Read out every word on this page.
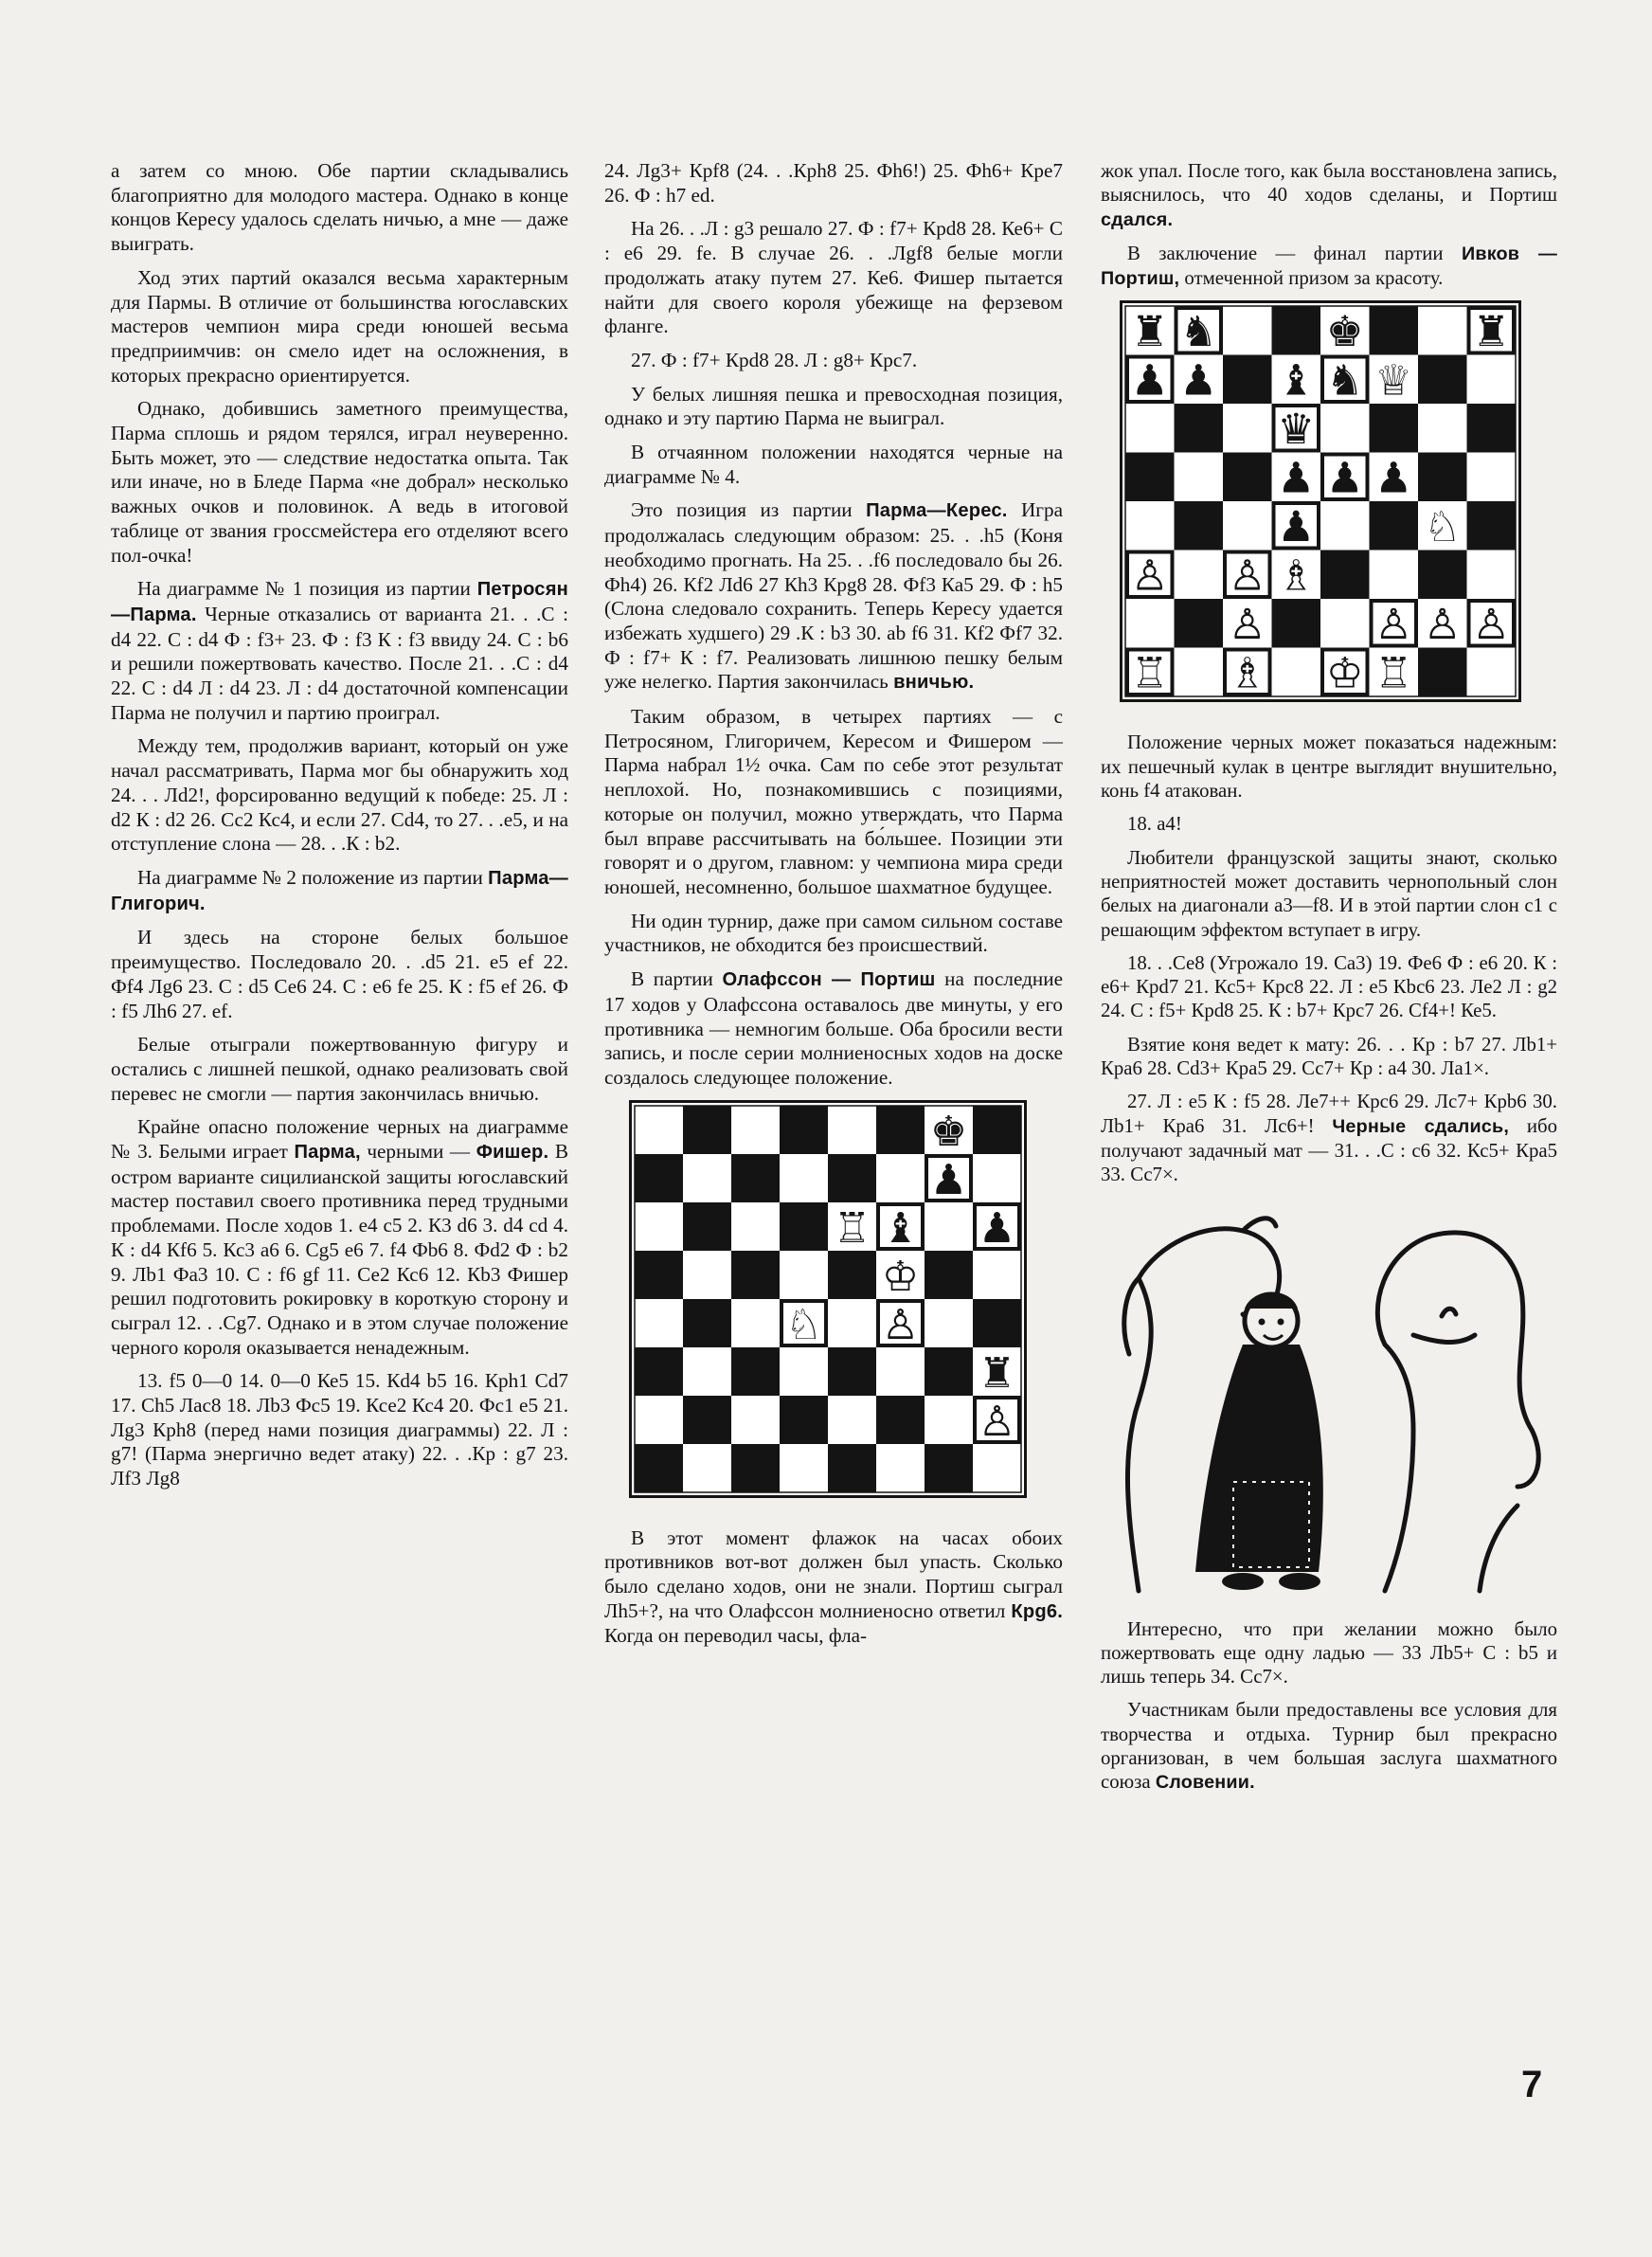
а затем со мною. Обе партии складывались благоприятно для молодого мастера. Однако в конце концов Кересу удалось сделать ничью, а мне — даже выиграть.

Ход этих партий оказался весьма характерным для Пармы. В отличие от большинства югославских мастеров чемпион мира среди юношей весьма предприимчив: он смело идет на осложнения, в которых прекрасно ориентируется.

Однако, добившись заметного преимущества, Парма сплошь и рядом терялся, играл неуверенно. Быть может, это — следствие недостатка опыта. Так или иначе, но в Бледе Парма «не добрал» несколько важных очков и половинок. А ведь в итоговой таблице от звания гроссмейстера его отделяют всего пол-очка!

На диаграмме № 1 позиция из партии Петросян—Парма. Черные отказались от варианта 21. . .С : d4 22. С : d4 Ф : f3+ 23. Ф : f3 К : f3 ввиду 24. С : b6 и решили пожертвовать качество. После 21. . .С : d4 22. С : d4 Л : d4 23. Л : d4 достаточной компенсации Парма не получил и партию проиграл.

Между тем, продолжив вариант, который он уже начал рассматривать, Парма мог бы обнаружить ход 24. . . Лd2!, форсированно ведущий к победе: 25. Л : d2 К : d2 26. Сс2 Кс4, и если 27. Сd4, то 27. . .е5, и на отступление слона — 28. . .К : b2.

На диаграмме № 2 положение из партии Парма—Глигорич.

И здесь на стороне белых большое преимущество. Последовало 20. . .d5 21. е5 ef 22. Фf4 Лg6 23. С : d5 Се6 24. С : е6 fe 25. К : f5 ef 26. Ф : f5 Лh6 27. ef.

Белые отыграли пожертвованную фигуру и остались с лишней пешкой, однако реализовать свой перевес не смогли — партия закончилась вничью.

Крайне опасно положение черных на диаграмме № 3. Белыми играет Парма, черными — Фишер. В остром варианте сицилианской защиты югославский мастер поставил своего противника перед трудными проблемами. После ходов 1. е4 с5 2. К3 d6 3. d4 cd 4. К : d4 Кf6 5. Кс3 а6 6. Сg5 е6 7. f4 Фb6 8. Фd2 Ф : b2 9. Лb1 Фа3 10. С : f6 gf 11. Се2 Кс6 12. Кb3 Фишер решил подготовить рокировку в короткую сторону и сыграл 12. . .Сg7. Однако и в этом случае положение черного короля оказывается ненадежным.

13. f5 0—0 14. 0—0 Ке5 15. Кd4 b5 16. Кph1 Сd7 17. Сh5 Лас8 18. Лb3 Фс5 19. Ксе2 Кс4 20. Фс1 е5 21. Лg3 Кph8 (перед нами позиция диаграммы) 22. Л : g7! (Парма энергично ведет атаку) 22. . .Кр : g7 23. Лf3 Лg8

24. Лg3+ Кpf8 (24. . .Кph8 25. Фh6!) 25. Фh6+ Кре7 26. Ф : h7 ed.

На 26. . .Л : g3 решало 27. Ф : f7+ Кpd8 28. Ке6+ С : е6 29. fe. В случае 26. . .Лgf8 белые могли продолжать атаку путем 27. Ке6. Фишер пытается найти для своего короля убежище на ферзевом фланге.

27. Ф : f7+ Кpd8 28. Л : g8+ Крс7.

У белых лишняя пешка и превосходная позиция, однако и эту партию Парма не выиграл.

В отчаянном положении находятся черные на диаграмме № 4.

Это позиция из партии Парма—Керес. Игра продолжалась следующим образом: 25. . .h5 (Коня необходимо прогнать. На 25. . .f6 последовало бы 26. Фh4) 26. Кf2 Лd6 27 Кh3 Кpg8 28. Фf3 Ка5 29. Ф : h5 (Слона следовало сохранить. Теперь Кересу удается избежать худшего) 29 .К : b3 30. ab f6 31. Кf2 Фf7 32. Ф : f7+ К : f7. Реализовать лишнюю пешку белым уже нелегко. Партия закончилась вничью.

Таким образом, в четырех партиях — с Петросяном, Глигоричем, Кересом и Фишером — Парма набрал 1½ очка. Сам по себе этот результат неплохой. Но, познакомившись с позициями, которые он получил, можно утверждать, что Парма был вправе рассчитывать на бо́льшее. Позиции эти говорят и о другом, главном: у чемпиона мира среди юношей, несомненно, большое шахматное будущее.

Ни один турнир, даже при самом сильном составе участников, не обходится без происшествий.

В партии Олафссон — Портиш на последние 17 ходов у Олафссона оставалось две минуты, у его противника — немногим больше. Оба бросили вести запись, и после серии молниеносных ходов на доске создалось следующее положение.

♚
♟
♖ ♝ ♟
♔
♘ ♙
♜
♙

В этот момент флажок на часах обоих противников вот-вот должен был упасть. Сколько было сделано ходов, они не знали. Портиш сыграл Лh5+?, на что Олафссон молниеносно ответил Крg6. Когда он переводил часы, фла-

жок упал. После того, как была восстановлена запись, выяснилось, что 40 ходов сделаны, и Портиш сдался.

В заключение — финал партии Ивков — Портиш, отмеченной призом за красоту.

♜ ♞	♚	♜
♟ ♟ ♝ ♞ ♕
♛
♟ ♟ ♟
♟	♘
♙ ♙ ♗
♙	♙ ♙ ♙
♖ ♗ ♔ ♖

Положение черных может показаться надежным: их пешечный кулак в центре выглядит внушительно, конь f4 атакован.

18. а4!

Любители французской защиты знают, сколько неприятностей может доставить чернопольный слон белых на диагонали а3—f8. И в этой партии слон с1 с решающим эффектом вступает в игру.

18. . .Се8 (Угрожало 19. Са3) 19. Фе6 Ф : е6 20. К : е6+ Кpd7 21. Кс5+ Крс8 22. Л : е5 Кbс6 23. Ле2 Л : g2 24. С : f5+ Кpd8 25. К : b7+ Крс7 26. Сf4+! Ке5.

Взятие коня ведет к мату: 26. . . Кр : b7 27. Лb1+ Кра6 28. Сd3+ Кра5 29. Сс7+ Кр : а4 30. Ла1×.

27. Л : е5 К : f5 28. Ле7++ Крс6 29. Лс7+ Крb6 30. Лb1+ Кра6 31. Лс6+! Черные сдались, ибо получают задачный мат — 31. . .С : с6 32. Кс5+ Кра5 33. Сс7×.

Интересно, что при желании можно было пожертвовать еще одну ладью — 33 Лb5+ С : b5 и лишь теперь 34. Сс7×.

Участникам были предоставлены все условия для творчества и отдыха. Турнир был прекрасно организован, в чем большая заслуга шахматного союза Словении.

7
